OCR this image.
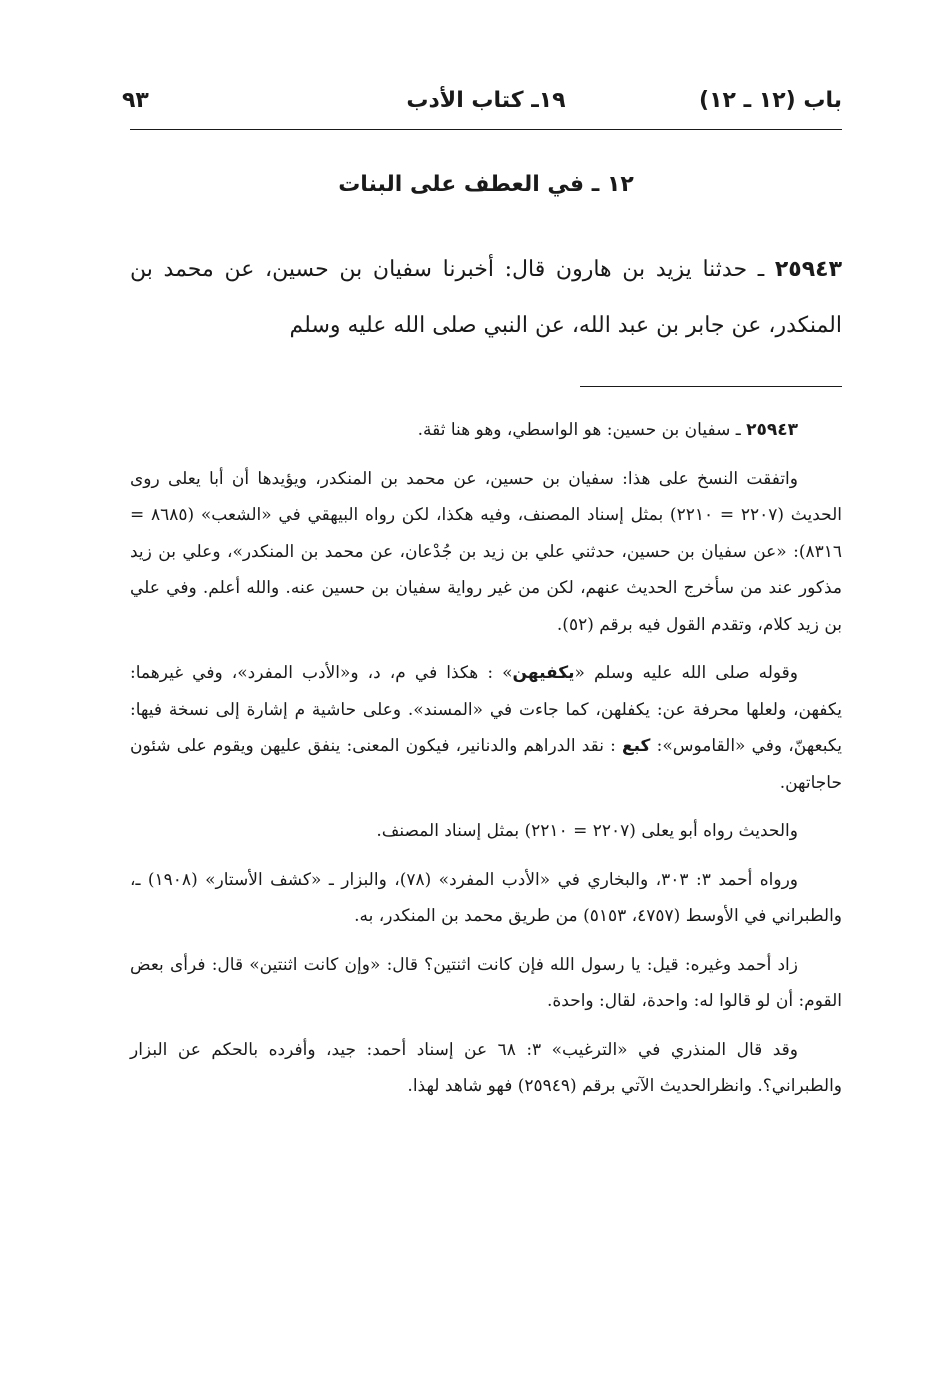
باب (١٢ ـ ١٢)
١٩ـ كتاب الأدب
٩٣
١٢ ـ في العطف على البنات
٢٥٩٤٣ ـ حدثنا يزيد بن هارون قال: أخبرنا سفيان بن حسين، عن محمد بن المنكدر، عن جابر بن عبد الله، عن النبي صلى الله عليه وسلم

٢٥٩٤٣ ـ سفيان بن حسين: هو الواسطي، وهو هنا ثقة.

واتفقت النسخ على هذا: سفيان بن حسين، عن محمد بن المنكدر، ويؤيدها أن أبا يعلى روى الحديث (٢٢٠٧ = ٢٢١٠) بمثل إسناد المصنف، وفيه هكذا، لكن رواه البيهقي في «الشعب» (٨٦٨٥ = ٨٣١٦): «عن سفيان بن حسين، حدثني علي بن زيد بن جُدْعان، عن محمد بن المنكدر»، وعلي بن زيد مذكور عند من سأخرج الحديث عنهم، لكن من غير رواية سفيان بن حسين عنه. والله أعلم. وفي علي بن زيد كلام، وتقدم القول فيه برقم (٥٢).

وقوله صلى الله عليه وسلم «يكفيهن» : هكذا في م، د، و«الأدب المفرد»، وفي غيرهما: يكفهن، ولعلها محرفة عن: يكفلهن، كما جاءت في «المسند». وعلى حاشية م إشارة إلى نسخة فيها: يكبعهنّ، وفي «القاموس»: كبع : نقد الدراهم والدنانير، فيكون المعنى: ينفق عليهن ويقوم على شئون حاجاتهن.

والحديث رواه أبو يعلى (٢٢٠٧ = ٢٢١٠) بمثل إسناد المصنف.

ورواه أحمد ٣: ٣٠٣، والبخاري في «الأدب المفرد» (٧٨)، والبزار ـ «كشف الأستار» (١٩٠٨) ـ، والطبراني في الأوسط (٤٧٥٧، ٥١٥٣) من طريق محمد بن المنكدر، به.

زاد أحمد وغيره: قيل: يا رسول الله فإن كانت اثنتين؟ قال: «وإن كانت اثنتين» قال: فرأى بعض القوم: أن لو قالوا له: واحدة، لقال: واحدة.

وقد قال المنذري في «الترغيب» ٣: ٦٨ عن إسناد أحمد: جيد، وأفرده بالحكم عن البزار والطبراني؟. وانظرالحديث الآتي برقم (٢٥٩٤٩) فهو شاهد لهذا.
